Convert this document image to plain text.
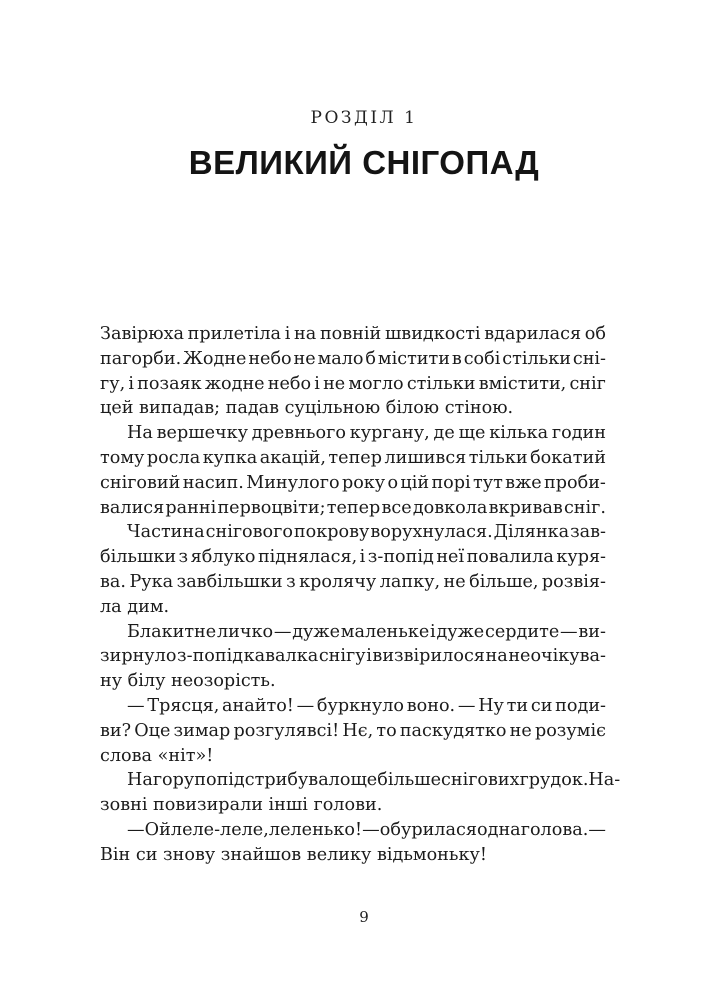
РОЗДІЛ 1
ВЕЛИКИЙ СНІГОПАД
Завірюха прилетіла і на повній швидкості вдарилася об
пагорби. Жодне небо не мало б містити в собі стільки сні-
гу, і позаяк жодне небо і не могло стільки вмістити, сніг
цей випадав; падав суцільною білою стіною.
На вершечку древнього кургану, де ще кілька годин
тому росла купка акацій, тепер лишився тільки бокатий
сніговий насип. Минулого року о цій порі тут вже проби-
валися ранні первоцвіти; тепер все довкола вкривав сніг.
Частина снігового покрову ворухнулася. Ділянка зав-
більшки з яблуко піднялася, і з-попід неї повалила куря-
ва. Рука завбільшки з кролячу лапку, не більше, розвія-
ла дим.
Блакитне личко — дуже маленьке і дуже сердите — ви-
зирнуло з-попід кавалка снігу і визвірилося на неочікува-
ну білу неозорість.
— Трясця, анайто! — буркнуло воно. — Ну ти си поди-
ви? Оце зимар розгулявсі! Нє, то паскудятко не розуміє
слова «ніт»!
Нагору попідстрибувало ще більше снігових грудок. На-
зовні повизирали інші голови.
— Ой леле-леле, леленько! — обурилася одна голова. —
Він си знову знайшов велику відьмоньку!
9
